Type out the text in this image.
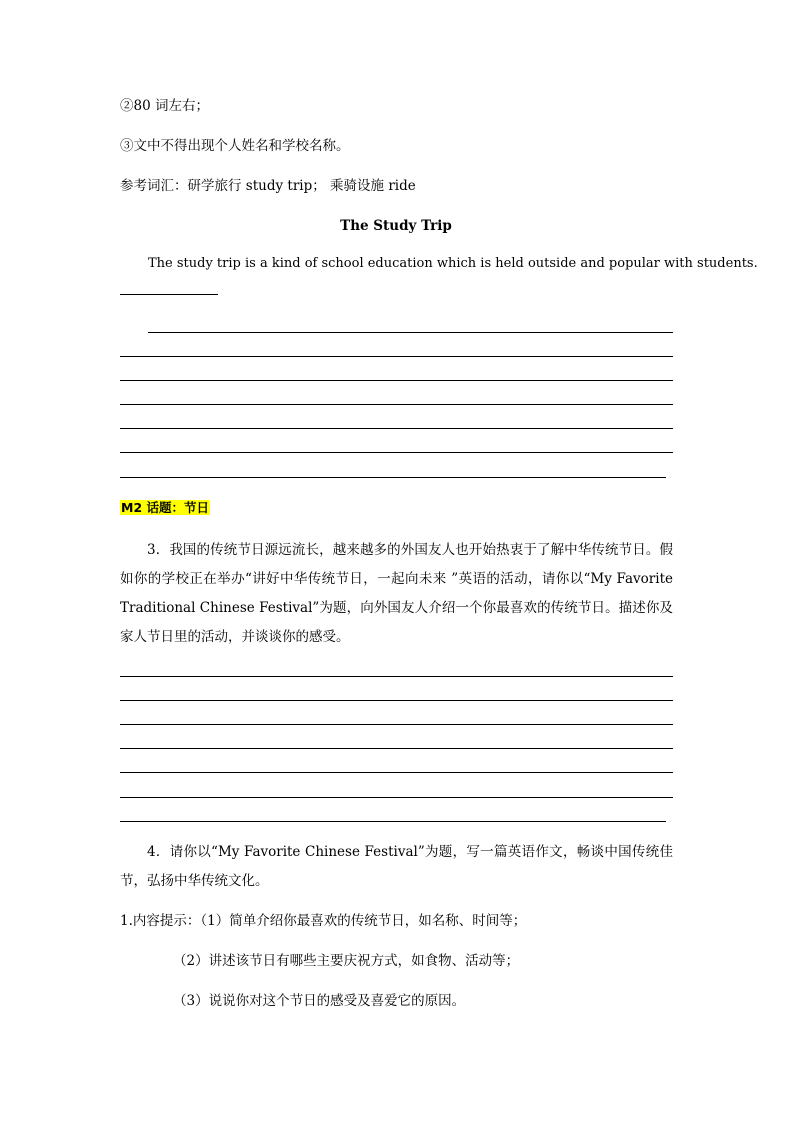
②80 词左右；
③文中不得出现个人姓名和学校名称。
参考词汇：研学旅行 study trip； 乘骑设施 ride
The Study Trip
The study trip is a kind of school education which is held outside and popular with students.
M2 话题：节日
3．我国的传统节日源远流长，越来越多的外国友人也开始热衷于了解中华传统节日。假如你的学校正在举办“讲好中华传统节日，一起向未来 ”英语的活动，请你以“My Favorite Traditional Chinese Festival”为题，向外国友人介绍一个你最喜欢的传统节日。描述你及家人节日里的活动，并谈谈你的感受。
4．请你以“My Favorite Chinese Festival”为题，写一篇英语作文，畅谈中国传统佳节，弘扬中华传统文化。
1.内容提示：（1）简单介绍你最喜欢的传统节日，如名称、时间等；
（2）讲述该节日有哪些主要庆祝方式，如食物、活动等；
（3）说说你对这个节日的感受及喜爱它的原因。
